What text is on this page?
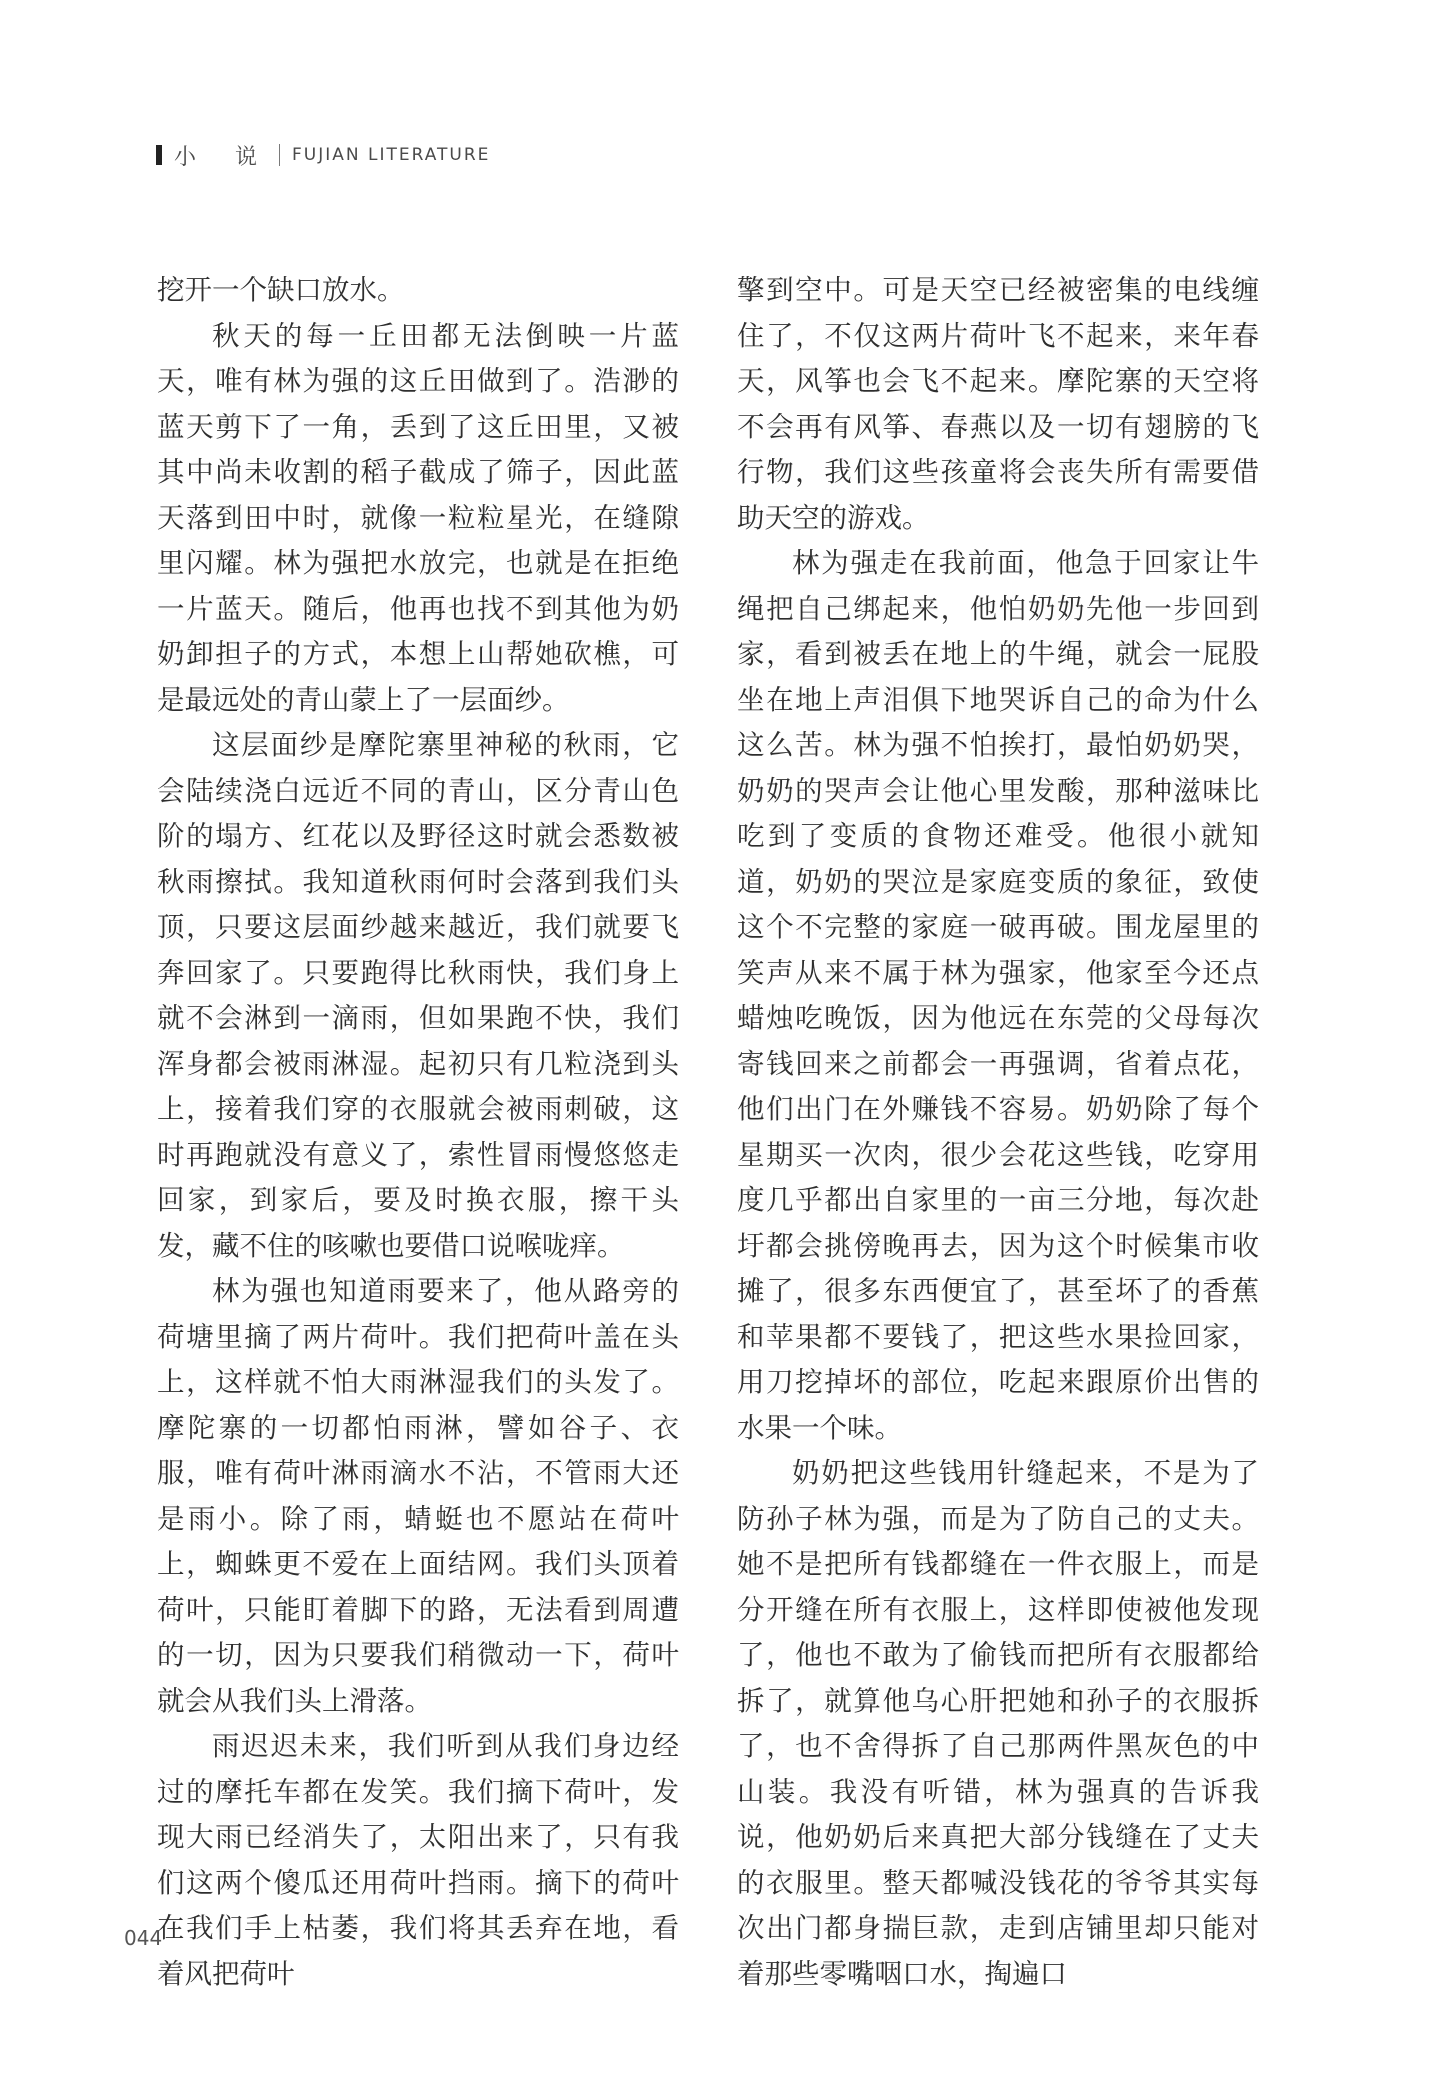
小 说 FUJIAN LITERATURE

挖开一个缺口放水。

秋天的每一丘田都无法倒映一片蓝天，唯有林为强的这丘田做到了。浩渺的蓝天剪下了一角，丢到了这丘田里，又被其中尚未收割的稻子截成了筛子，因此蓝天落到田中时，就像一粒粒星光，在缝隙里闪耀。林为强把水放完，也就是在拒绝一片蓝天。随后，他再也找不到其他为奶奶卸担子的方式，本想上山帮她砍樵，可是最远处的青山蒙上了一层面纱。

这层面纱是摩陀寨里神秘的秋雨，它会陆续浇白远近不同的青山，区分青山色阶的塌方、红花以及野径这时就会悉数被秋雨擦拭。我知道秋雨何时会落到我们头顶，只要这层面纱越来越近，我们就要飞奔回家了。只要跑得比秋雨快，我们身上就不会淋到一滴雨，但如果跑不快，我们浑身都会被雨淋湿。起初只有几粒浇到头上，接着我们穿的衣服就会被雨刺破，这时再跑就没有意义了，索性冒雨慢悠悠走回家，到家后，要及时换衣服，擦干头发，藏不住的咳嗽也要借口说喉咙痒。

林为强也知道雨要来了，他从路旁的荷塘里摘了两片荷叶。我们把荷叶盖在头上，这样就不怕大雨淋湿我们的头发了。摩陀寨的一切都怕雨淋，譬如谷子、衣服，唯有荷叶淋雨滴水不沾，不管雨大还是雨小。除了雨，蜻蜓也不愿站在荷叶上，蜘蛛更不爱在上面结网。我们头顶着荷叶，只能盯着脚下的路，无法看到周遭的一切，因为只要我们稍微动一下，荷叶就会从我们头上滑落。

雨迟迟未来，我们听到从我们身边经过的摩托车都在发笑。我们摘下荷叶，发现大雨已经消失了，太阳出来了，只有我们这两个傻瓜还用荷叶挡雨。摘下的荷叶在我们手上枯萎，我们将其丢弃在地，看着风把荷叶

擎到空中。可是天空已经被密集的电线缠住了，不仅这两片荷叶飞不起来，来年春天，风筝也会飞不起来。摩陀寨的天空将不会再有风筝、春燕以及一切有翅膀的飞行物，我们这些孩童将会丧失所有需要借助天空的游戏。

林为强走在我前面，他急于回家让牛绳把自己绑起来，他怕奶奶先他一步回到家，看到被丢在地上的牛绳，就会一屁股坐在地上声泪俱下地哭诉自己的命为什么这么苦。林为强不怕挨打，最怕奶奶哭，奶奶的哭声会让他心里发酸，那种滋味比吃到了变质的食物还难受。他很小就知道，奶奶的哭泣是家庭变质的象征，致使这个不完整的家庭一破再破。围龙屋里的笑声从来不属于林为强家，他家至今还点蜡烛吃晚饭，因为他远在东莞的父母每次寄钱回来之前都会一再强调，省着点花，他们出门在外赚钱不容易。奶奶除了每个星期买一次肉，很少会花这些钱，吃穿用度几乎都出自家里的一亩三分地，每次赴圩都会挑傍晚再去，因为这个时候集市收摊了，很多东西便宜了，甚至坏了的香蕉和苹果都不要钱了，把这些水果捡回家，用刀挖掉坏的部位，吃起来跟原价出售的水果一个味。

奶奶把这些钱用针缝起来，不是为了防孙子林为强，而是为了防自己的丈夫。她不是把所有钱都缝在一件衣服上，而是分开缝在所有衣服上，这样即使被他发现了，他也不敢为了偷钱而把所有衣服都给拆了，就算他乌心肝把她和孙子的衣服拆了，也不舍得拆了自己那两件黑灰色的中山装。我没有听错，林为强真的告诉我说，他奶奶后来真把大部分钱缝在了丈夫的衣服里。整天都喊没钱花的爷爷其实每次出门都身揣巨款，走到店铺里却只能对着那些零嘴咽口水，掏遍口

044
